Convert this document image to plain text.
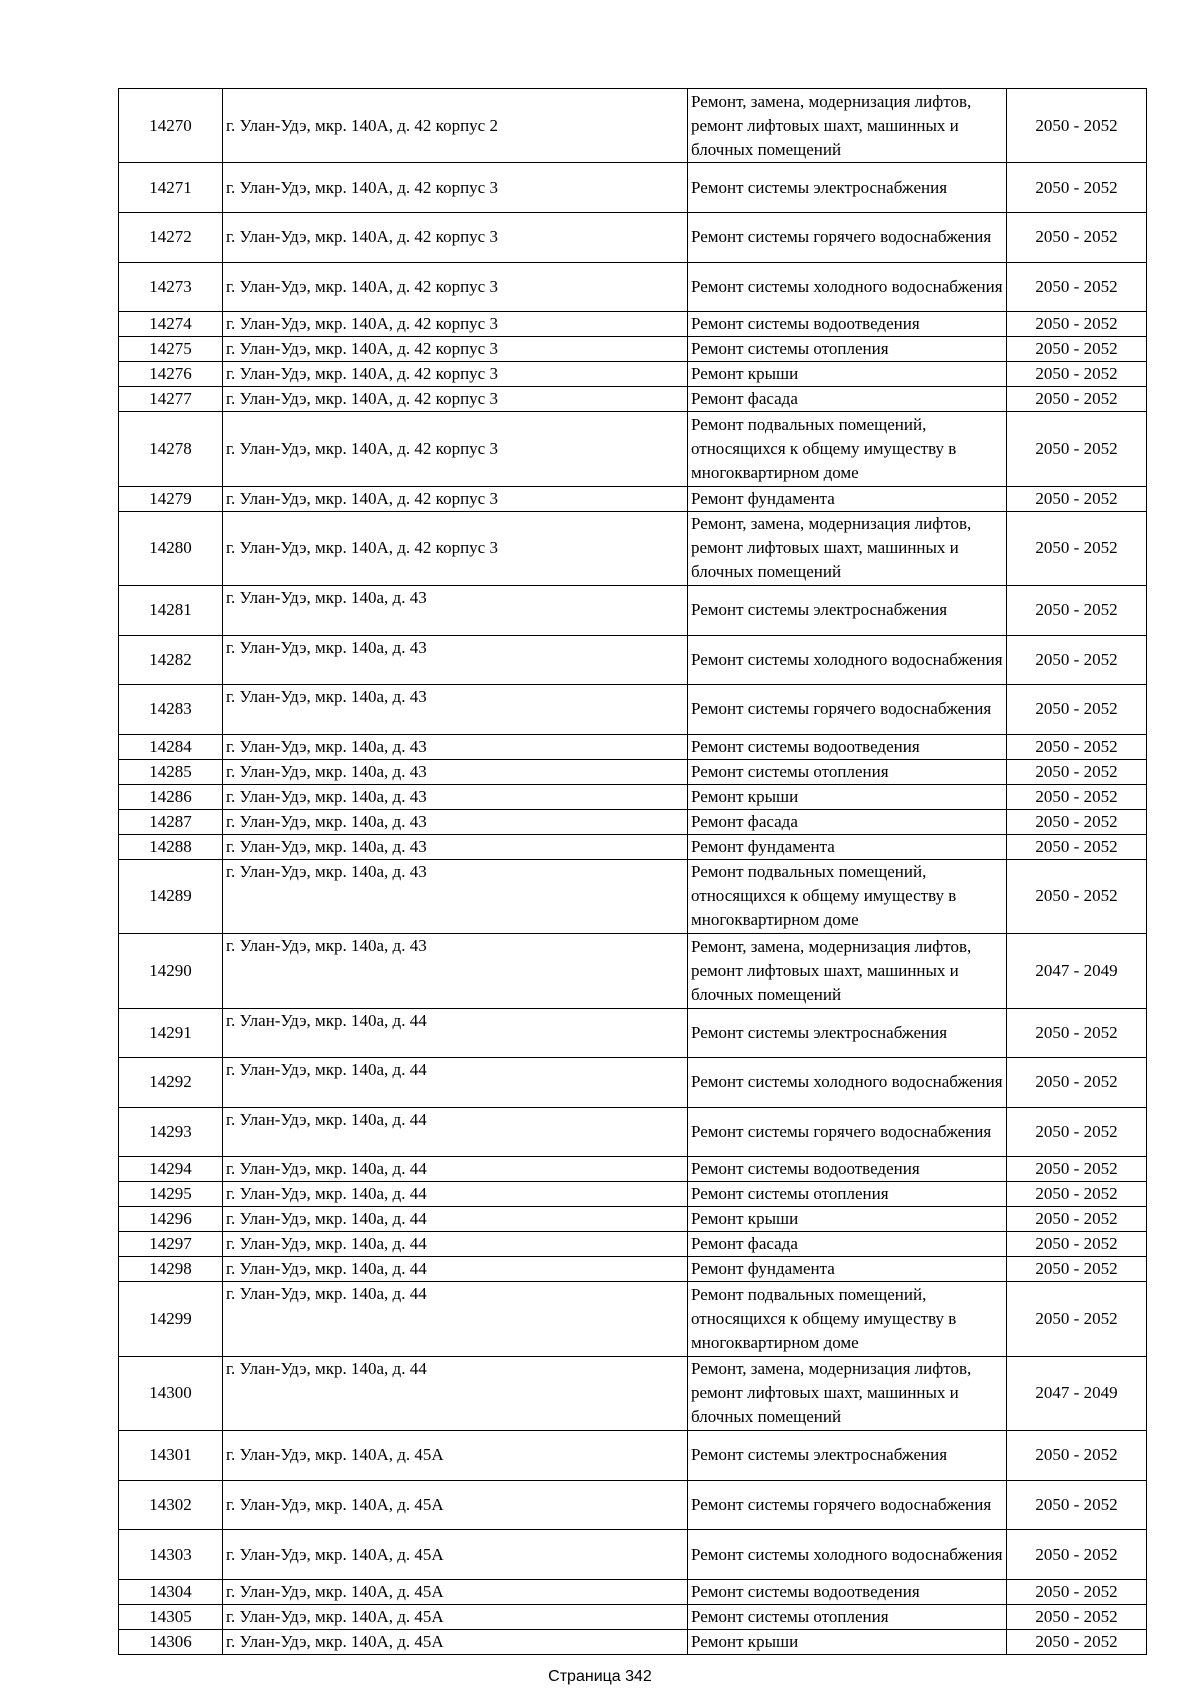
14270	г. Улан-Удэ, мкр. 140А, д. 42 корпус 2	Ремонт, замена, модернизация лифтов, ремонт лифтовых шахт, машинных и блочных помещений	2050 - 2052
14271	г. Улан-Удэ, мкр. 140А, д. 42 корпус 3	Ремонт системы электроснабжения	2050 - 2052
14272	г. Улан-Удэ, мкр. 140А, д. 42 корпус 3	Ремонт системы горячего водоснабжения	2050 - 2052
14273	г. Улан-Удэ, мкр. 140А, д. 42 корпус 3	Ремонт системы холодного водоснабжения	2050 - 2052
14274	г. Улан-Удэ, мкр. 140А, д. 42 корпус 3	Ремонт системы водоотведения	2050 - 2052
14275	г. Улан-Удэ, мкр. 140А, д. 42 корпус 3	Ремонт системы отопления	2050 - 2052
14276	г. Улан-Удэ, мкр. 140А, д. 42 корпус 3	Ремонт крыши	2050 - 2052
14277	г. Улан-Удэ, мкр. 140А, д. 42 корпус 3	Ремонт фасада	2050 - 2052
14278	г. Улан-Удэ, мкр. 140А, д. 42 корпус 3	Ремонт подвальных помещений, относящихся к общему имуществу в многоквартирном доме	2050 - 2052
14279	г. Улан-Удэ, мкр. 140А, д. 42 корпус 3	Ремонт фундамента	2050 - 2052
14280	г. Улан-Удэ, мкр. 140А, д. 42 корпус 3	Ремонт, замена, модернизация лифтов, ремонт лифтовых шахт, машинных и блочных помещений	2050 - 2052
14281	г. Улан-Удэ, мкр. 140а, д. 43	Ремонт системы электроснабжения	2050 - 2052
14282	г. Улан-Удэ, мкр. 140а, д. 43	Ремонт системы холодного водоснабжения	2050 - 2052
14283	г. Улан-Удэ, мкр. 140а, д. 43	Ремонт системы горячего водоснабжения	2050 - 2052
14284	г. Улан-Удэ, мкр. 140а, д. 43	Ремонт системы водоотведения	2050 - 2052
14285	г. Улан-Удэ, мкр. 140а, д. 43	Ремонт системы отопления	2050 - 2052
14286	г. Улан-Удэ, мкр. 140а, д. 43	Ремонт крыши	2050 - 2052
14287	г. Улан-Удэ, мкр. 140а, д. 43	Ремонт фасада	2050 - 2052
14288	г. Улан-Удэ, мкр. 140а, д. 43	Ремонт фундамента	2050 - 2052
14289	г. Улан-Удэ, мкр. 140а, д. 43	Ремонт подвальных помещений, относящихся к общему имуществу в многоквартирном доме	2050 - 2052
14290	г. Улан-Удэ, мкр. 140а, д. 43	Ремонт, замена, модернизация лифтов, ремонт лифтовых шахт, машинных и блочных помещений	2047 - 2049
14291	г. Улан-Удэ, мкр. 140а, д. 44	Ремонт системы электроснабжения	2050 - 2052
14292	г. Улан-Удэ, мкр. 140а, д. 44	Ремонт системы холодного водоснабжения	2050 - 2052
14293	г. Улан-Удэ, мкр. 140а, д. 44	Ремонт системы горячего водоснабжения	2050 - 2052
14294	г. Улан-Удэ, мкр. 140а, д. 44	Ремонт системы водоотведения	2050 - 2052
14295	г. Улан-Удэ, мкр. 140а, д. 44	Ремонт системы отопления	2050 - 2052
14296	г. Улан-Удэ, мкр. 140а, д. 44	Ремонт крыши	2050 - 2052
14297	г. Улан-Удэ, мкр. 140а, д. 44	Ремонт фасада	2050 - 2052
14298	г. Улан-Удэ, мкр. 140а, д. 44	Ремонт фундамента	2050 - 2052
14299	г. Улан-Удэ, мкр. 140а, д. 44	Ремонт подвальных помещений, относящихся к общему имуществу в многоквартирном доме	2050 - 2052
14300	г. Улан-Удэ, мкр. 140а, д. 44	Ремонт, замена, модернизация лифтов, ремонт лифтовых шахт, машинных и блочных помещений	2047 - 2049
14301	г. Улан-Удэ, мкр. 140А, д. 45А	Ремонт системы электроснабжения	2050 - 2052
14302	г. Улан-Удэ, мкр. 140А, д. 45А	Ремонт системы горячего водоснабжения	2050 - 2052
14303	г. Улан-Удэ, мкр. 140А, д. 45А	Ремонт системы холодного водоснабжения	2050 - 2052
14304	г. Улан-Удэ, мкр. 140А, д. 45А	Ремонт системы водоотведения	2050 - 2052
14305	г. Улан-Удэ, мкр. 140А, д. 45А	Ремонт системы отопления	2050 - 2052
14306	г. Улан-Удэ, мкр. 140А, д. 45А	Ремонт крыши	2050 - 2052
Страница 342
